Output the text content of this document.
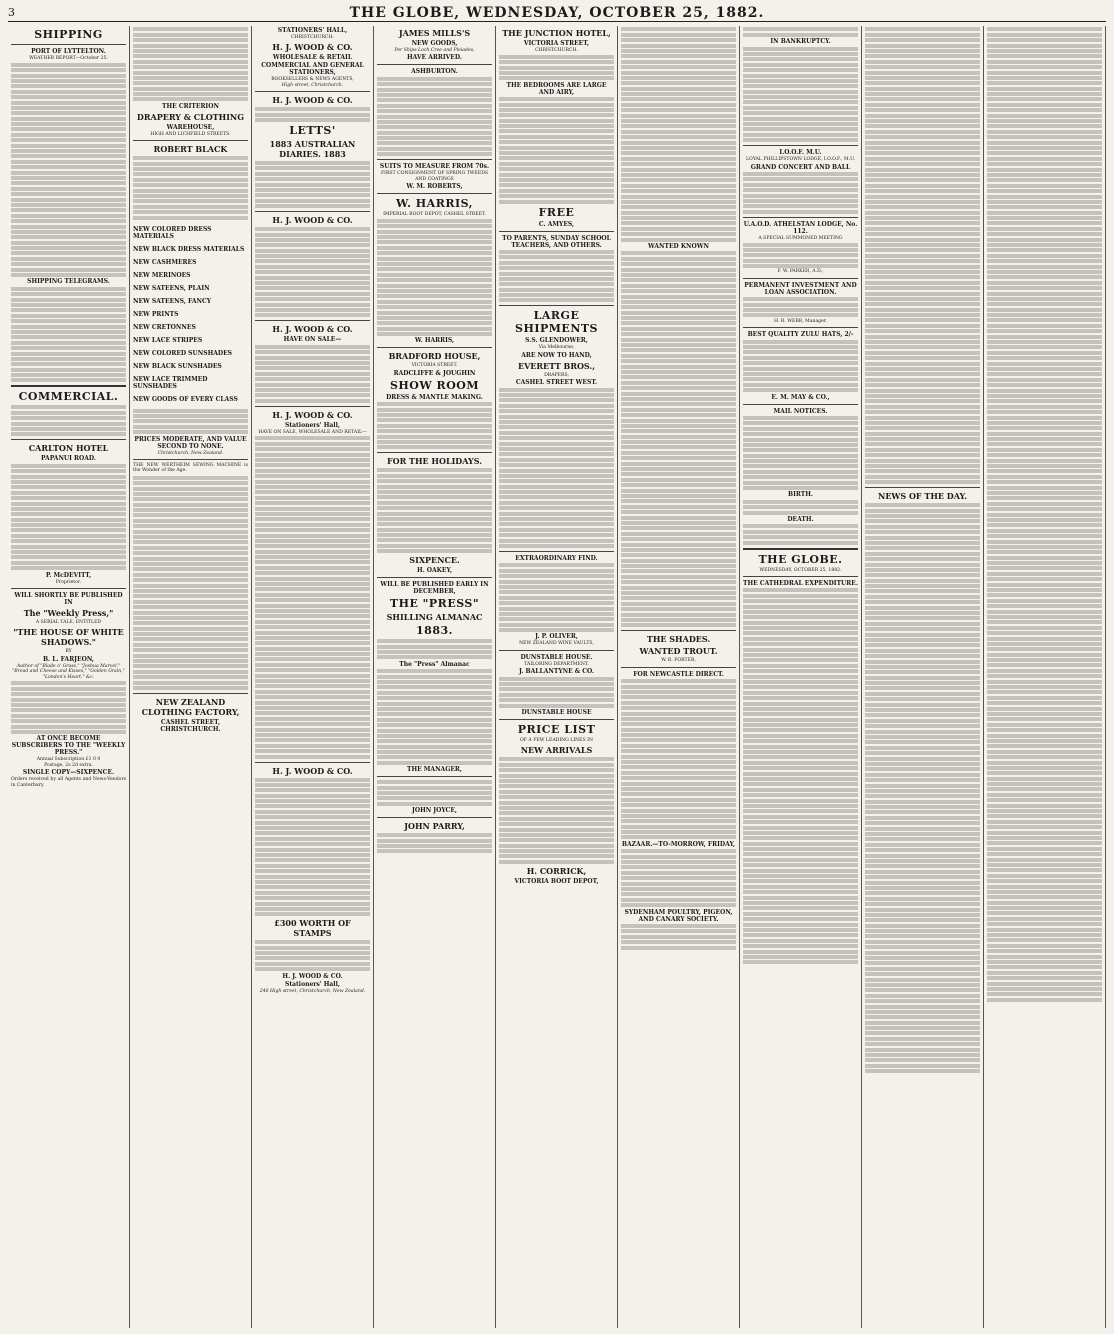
3	THE GLOBE, WEDNESDAY, OCTOBER 25, 1882.
SHIPPING
PORT OF LYTTELTON.
WEATHER REPORT—October 25.
SHIPPING TELEGRAMS.
COMMERCIAL.
CARLTON HOTEL
PAPANUI ROAD.
P. McDEVITT,
Proprietor.
WILL SHORTLY BE PUBLISHED IN
The "Weekly Press,"
A SERIAL TALE, ENTITLED
"THE HOUSE OF WHITE SHADOWS."
BY
B. L. FARJEON,
Author of "Blade o' Grass," "Joshua Marvel," "Bread and Cheese and Kisses," "Golden Grain," "London's Heart," &c.
AT ONCE BECOME SUBSCRIBERS TO THE "WEEKLY PRESS."
Annual Subscription £1 0 0
Postage, 2s 2d extra.
SINGLE COPY—SIXPENCE.
Orders received by all Agents and News-Vendors in Canterbury.
THE CRITERION
DRAPERY & CLOTHING
WAREHOUSE,
HIGH AND LICHFIELD STREETS.
ROBERT BLACK
NEW COLORED DRESS MATERIALS
NEW BLACK DRESS MATERIALS
NEW CASHMERES
NEW MERINOES
NEW SATEENS, PLAIN
NEW SATEENS, FANCY
NEW PRINTS
NEW CRETONNES
NEW LACE STRIPES
NEW COLORED SUNSHADES
NEW BLACK SUNSHADES
NEW LACE TRIMMED SUNSHADES
NEW GOODS OF EVERY CLASS
PRICES MODERATE, AND VALUE SECOND TO NONE.
Christchurch, New Zealand.
THE NEW WERTHEIM SEWING MACHINE is the Wonder of the Age.
NEW ZEALAND CLOTHING FACTORY,
CASHEL STREET, CHRISTCHURCH.
STATIONERS' HALL,
CHRISTCHURCH.
H. J. WOOD & CO.
WHOLESALE & RETAIL
COMMERCIAL AND GENERAL STATIONERS,
BOOKSELLERS & NEWS AGENTS,
High street, Christchurch.
H. J. WOOD & CO.
LETTS'
1883 AUSTRALIAN DIARIES. 1883
H. J. WOOD & CO.
H. J. WOOD & CO.
HAVE ON SALE—
H. J. WOOD & CO.
Stationers' Hall,
HAVE ON SALE, WHOLESALE AND RETAIL—
H. J. WOOD & CO.
£300 WORTH OF STAMPS
H. J. WOOD & CO.
Stationers' Hall,
240 High street, Christchurch, New Zealand.
JAMES MILLS'S
NEW GOODS,
Per Ships Loch Cree and Pleiades,
HAVE ARRIVED.
ASHBURTON.
SUITS TO MEASURE FROM 70s.
FIRST CONSIGNMENT OF SPRING TWEEDS AND COATINGS
W. M. ROBERTS,
W. HARRIS,
IMPERIAL BOOT DEPOT, CASHEL STREET.
W. HARRIS,
BRADFORD HOUSE,
VICTORIA STREET.
RADCLIFFE & JOUGHIN
SHOW ROOM
DRESS & MANTLE MAKING.
FOR THE HOLIDAYS.
SIXPENCE.
H. OAKEY,
WILL BE PUBLISHED EARLY IN DECEMBER,
THE "PRESS"
SHILLING ALMANAC
1883.
The "Press" Almanac
THE MANAGER,
JOHN JOYCE,
JOHN PARRY,
THE JUNCTION HOTEL,
VICTORIA STREET,
CHRISTCHURCH.
THE BEDROOMS ARE LARGE AND AIRY,
FREE
C. AMYES,
TO PARENTS, SUNDAY SCHOOL TEACHERS, AND OTHERS.
LARGE SHIPMENTS
S.S. GLENDOWER,
Via Melbourne,
ARE NOW TO HAND,
EVERETT BROS.,
DRAPERS,
CASHEL STREET WEST.
EXTRAORDINARY FIND.
J. P. OLIVER,
NEW ZEALAND WINE VAULTS,
DUNSTABLE HOUSE.
TAILORING DEPARTMENT.
J. BALLANTYNE & CO.
DUNSTABLE HOUSE
PRICE LIST
OF A FEW LEADING LINES IN
NEW ARRIVALS
H. CORRICK,
VICTORIA BOOT DEPOT,
WANTED KNOWN
THE SHADES.
WANTED TROUT.
W. R. PORTER,
FOR NEWCASTLE DIRECT.
BAZAAR.—TO-MORROW, FRIDAY,
SYDENHAM POULTRY, PIGEON, AND CANARY SOCIETY.
IN BANKRUPTCY.
I.O.O.F. M.U.
LOYAL PHILLIPSTOWN LODGE, I.O.O.F., M.U.
GRAND CONCERT AND BALL
U.A.O.D. ATHELSTAN LODGE, No. 112.
A SPECIAL SUMMONED MEETING
F. W. PARKER, A.D.,
PERMANENT INVESTMENT AND LOAN ASSOCIATION.
H. R. WEBB, Manager.
BEST QUALITY ZULU HATS, 2/-
E. M. MAY & CO.,
MAIL NOTICES.
BIRTH.
DEATH.
THE GLOBE.
WEDNESDAY, OCTOBER 25, 1882.
THE CATHEDRAL EXPENDITURE.
NEWS OF THE DAY.
